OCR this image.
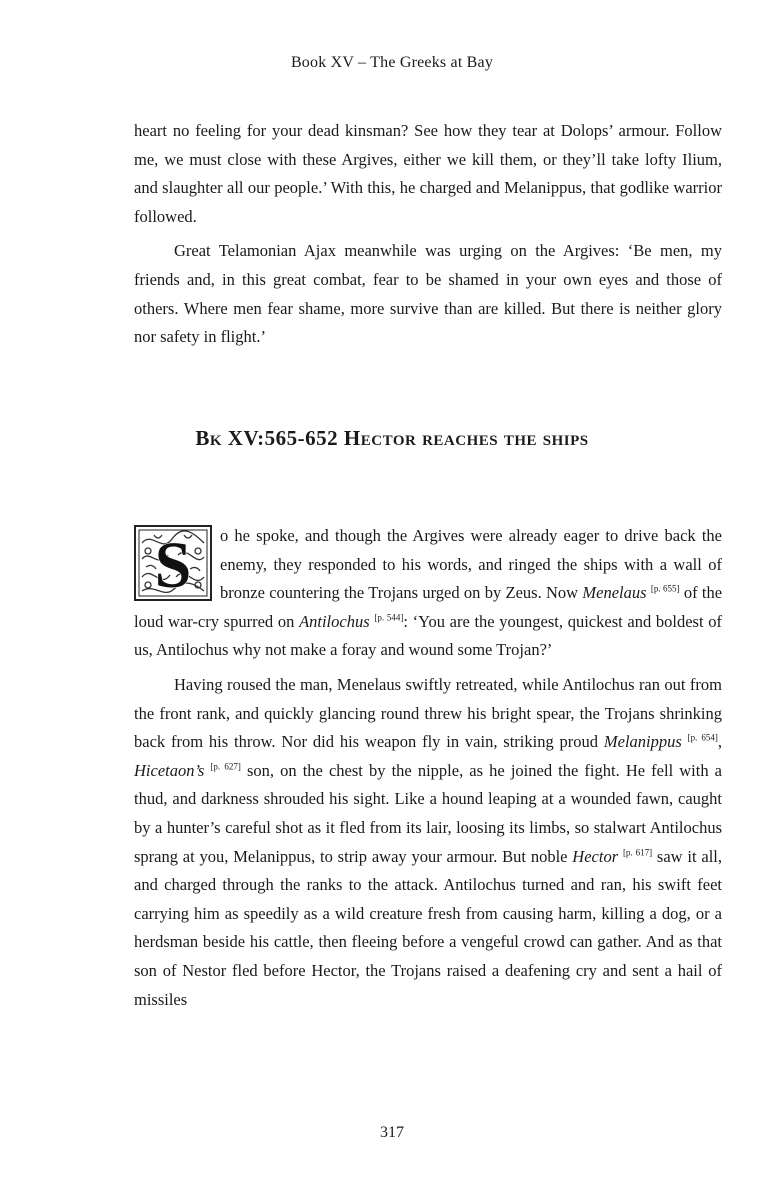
Book XV – The Greeks at Bay

heart no feeling for your dead kinsman? See how they tear at Dolops’ armour. Follow me, we must close with these Argives, either we kill them, or they’ll take lofty Ilium, and slaughter all our people.’ With this, he charged and Melanippus, that godlike warrior followed.

Great Telamonian Ajax meanwhile was urging on the Argives: ‘Be men, my friends and, in this great combat, fear to be shamed in your own eyes and those of others. Where men fear shame, more survive than are killed. But there is neither glory nor safety in flight.’

Bk XV:565-652 Hector reaches the ships
S	o he spoke, and though the Argives were already eager to drive back the enemy, they responded to his words, and ringed the ships with a wall of bronze countering the Trojans urged on by Zeus. Now Menelaus [p. 655] of the loud war-cry spurred on Antilochus [p. 544]: ‘You are the youngest, quickest and boldest of us, Antilochus why not make a foray and wound some Trojan?’

Having roused the man, Menelaus swiftly retreated, while Antilochus ran out from the front rank, and quickly glancing round threw his bright spear, the Trojans shrinking back from his throw. Nor did his weapon fly in vain, striking proud Melanippus [p. 654], Hicetaon’s [p. 627] son, on the chest by the nipple, as he joined the fight. He fell with a thud, and darkness shrouded his sight. Like a hound leaping at a wounded fawn, caught by a hunter’s careful shot as it fled from its lair, loosing its limbs, so stalwart Antilochus sprang at you, Melanippus, to strip away your armour. But noble Hector [p. 617] saw it all, and charged through the ranks to the attack. Antilochus turned and ran, his swift feet carrying him as speedily as a wild creature fresh from causing harm, killing a dog, or a herdsman beside his cattle, then fleeing before a vengeful crowd can gather. And as that son of Nestor fled before Hector, the Trojans raised a deafening cry and sent a hail of missiles

317
